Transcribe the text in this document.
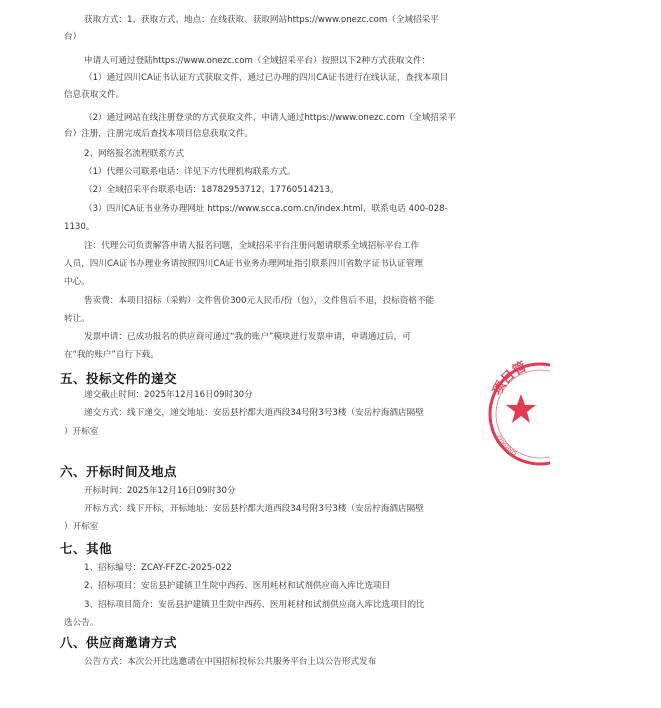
获取方式：1、获取方式、地点：在线获取、获取网站https://www.onezc.com（全域招采平
台）
申请人可通过登陆https://www.onezc.com（全域招采平台）按照以下2种方式获取文件：
（1）通过四川CA证书认证方式获取文件，通过已办理的四川CA证书进行在线认证，查找本项目
信息获取文件。
（2）通过网站在线注册登录的方式获取文件，申请人通过https://www.onezc.com（全域招采平
台）注册，注册完成后查找本项目信息获取文件。
2、网络报名流程联系方式
（1）代理公司联系电话：详见下方代理机构联系方式。
（2）全域招采平台联系电话：18782953712、17760514213。
（3）四川CA证书业务办理网址 https://www.scca.com.cn/index.html，联系电话 400-028-
1130。
注：代理公司负责解答申请人报名问题，全域招采平台注册问题请联系全域招标平台工作
人员，四川CA证书办理业务请按照四川CA证书业务办理网址指引联系四川省数字证书认证管理
中心。
售卖费：本项目招标（采购）文件售价300元人民币/份（包），文件售后不退，投标资格不能
转让。
发票申请：已成功报名的供应商可通过“我的账户”模块进行发票申请，申请通过后，可
在“我的账户”自行下载。
五、投标文件的递交
递交截止时间：2025年12月16日09时30分
递交方式：线下递交，递交地址：安岳县柠都大道西段34号附3号3楼（安岳柠海酒店隔壁
）开标室
六、开标时间及地点
开标时间：2025年12月16日09时30分
开标方式：线下开标，开标地址：安岳县柠都大道西段34号附3号3楼（安岳柠海酒店隔壁
）开标室
七、其他
1、招标编号：ZCAY-FFZC-2025-022
2、招标项目：安岳县护建镇卫生院中西药、医用耗材和试剂供应商入库比选项目
3、招标项目简介：安岳县护建镇卫生院中西药、医用耗材和试剂供应商入库比选项目的比
选公告。
八、供应商邀请方式
公告方式：本次公开比选邀请在中国招标投标公共服务平台上以公告形式发布
项目管
22002005
